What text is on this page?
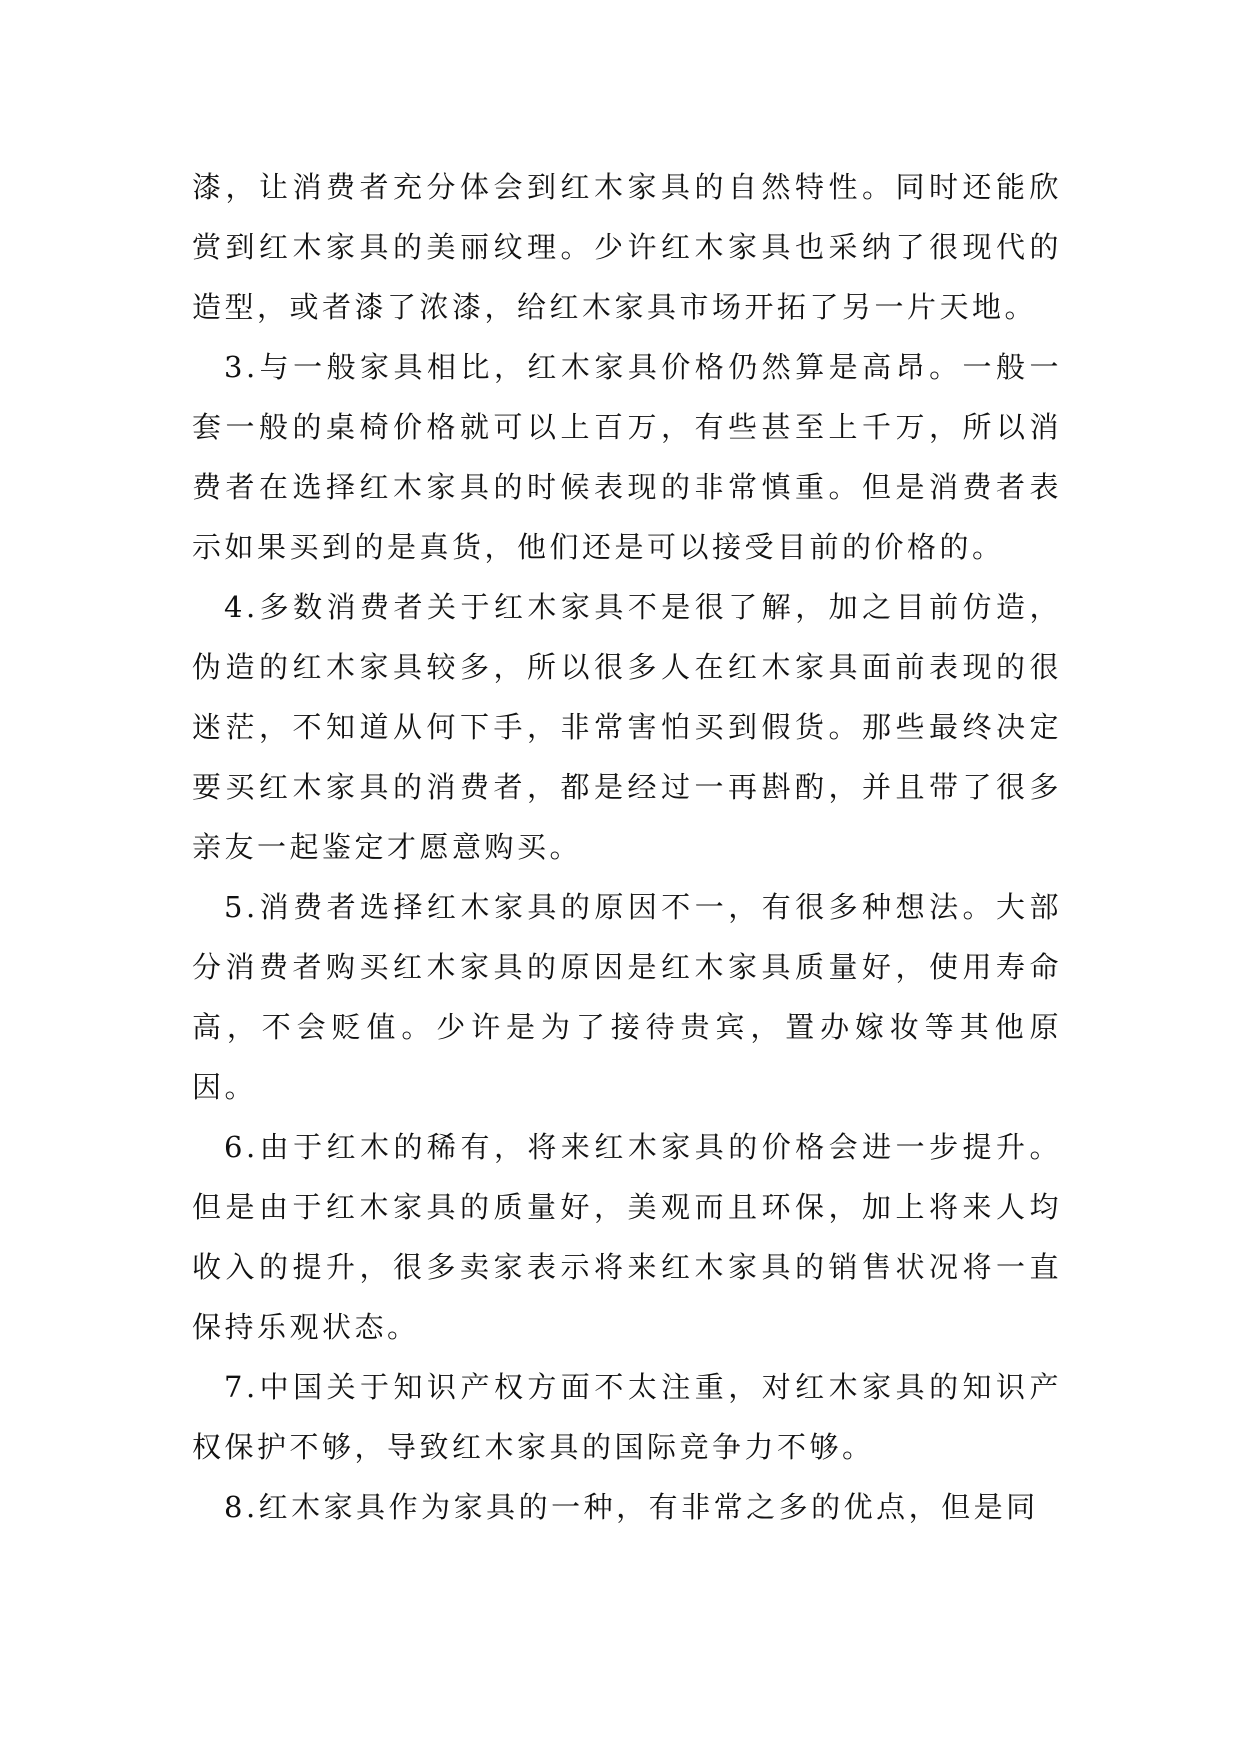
漆，让消费者充分体会到红木家具的自然特性。同时还能欣赏到红木家具的美丽纹理。少许红木家具也采纳了很现代的造型，或者漆了浓漆，给红木家具市场开拓了另一片天地。

3.与一般家具相比，红木家具价格仍然算是高昂。一般一套一般的桌椅价格就可以上百万，有些甚至上千万，所以消费者在选择红木家具的时候表现的非常慎重。但是消费者表示如果买到的是真货，他们还是可以接受目前的价格的。

4.多数消费者关于红木家具不是很了解，加之目前仿造，伪造的红木家具较多，所以很多人在红木家具面前表现的很迷茫，不知道从何下手，非常害怕买到假货。那些最终决定要买红木家具的消费者，都是经过一再斟酌，并且带了很多亲友一起鉴定才愿意购买。

5.消费者选择红木家具的原因不一，有很多种想法。大部分消费者购买红木家具的原因是红木家具质量好，使用寿命高，不会贬值。少许是为了接待贵宾，置办嫁妆等其他原因。

6.由于红木的稀有，将来红木家具的价格会进一步提升。但是由于红木家具的质量好，美观而且环保，加上将来人均收入的提升，很多卖家表示将来红木家具的销售状况将一直保持乐观状态。

7.中国关于知识产权方面不太注重，对红木家具的知识产权保护不够，导致红木家具的国际竞争力不够。

8.红木家具作为家具的一种，有非常之多的优点，但是同
